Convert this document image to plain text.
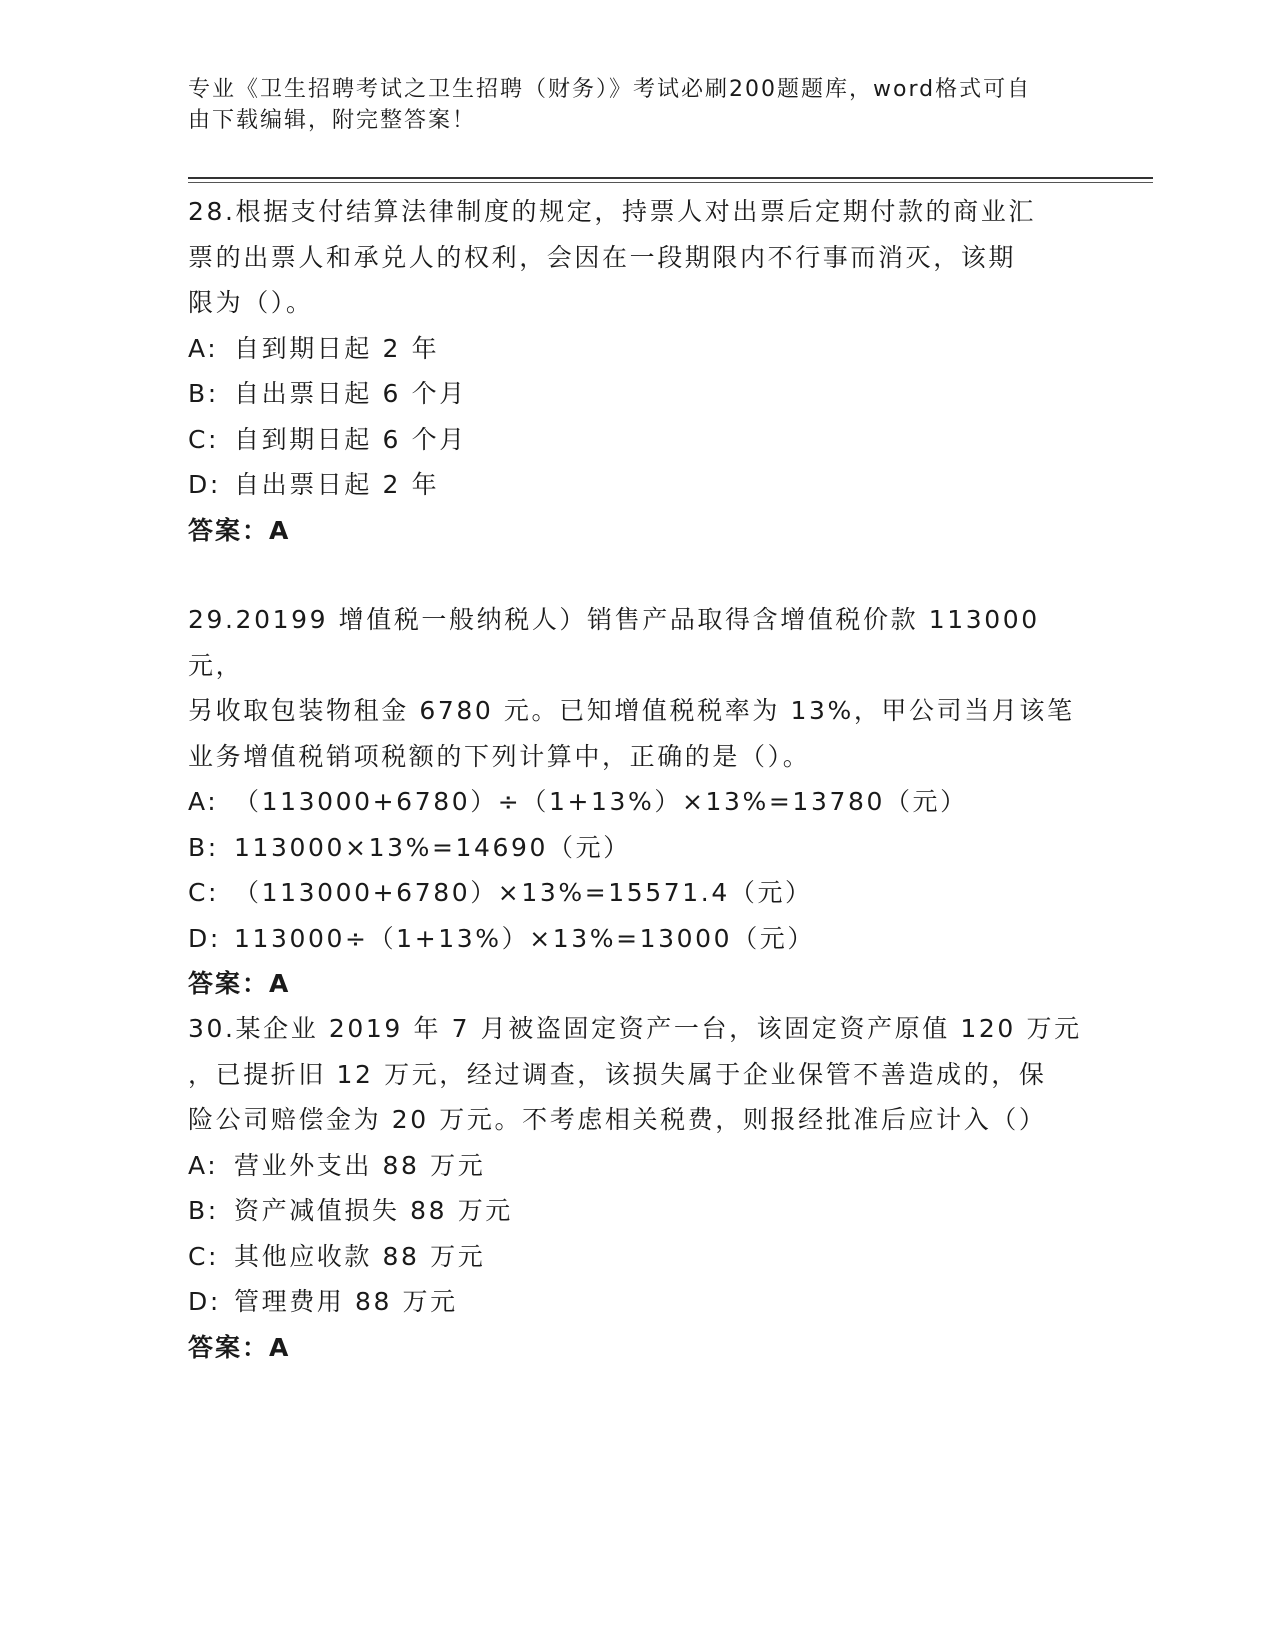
专业《卫生招聘考试之卫生招聘（财务）》考试必刷200题题库，word格式可自
由下载编辑，附完整答案！

28.根据支付结算法律制度的规定，持票人对出票后定期付款的商业汇

票的出票人和承兑人的权利，会因在一段期限内不行事而消灭，该期

限为（）。

A: 自到期日起 2 年

B: 自出票日起 6 个月

C: 自到期日起 6 个月

D: 自出票日起 2 年

答案：A

29.20199 增值税一般纳税人）销售产品取得含增值税价款 113000 元，

另收取包装物租金 6780 元。已知增值税税率为 13%，甲公司当月该笔

业务增值税销项税额的下列计算中，正确的是（）。

A: （113000+6780）÷（1+13%）×13%=13780（元）

B: 113000×13%=14690（元）

C: （113000+6780）×13%=15571.4（元）

D: 113000÷（1+13%）×13%=13000（元）

答案：A

30.某企业 2019 年 7 月被盗固定资产一台，该固定资产原值 120 万元

，已提折旧 12 万元，经过调查，该损失属于企业保管不善造成的，保

险公司赔偿金为 20 万元。不考虑相关税费，则报经批准后应计入（）

A: 营业外支出 88 万元

B: 资产减值损失 88 万元

C: 其他应收款 88 万元

D: 管理费用 88 万元

答案：A
